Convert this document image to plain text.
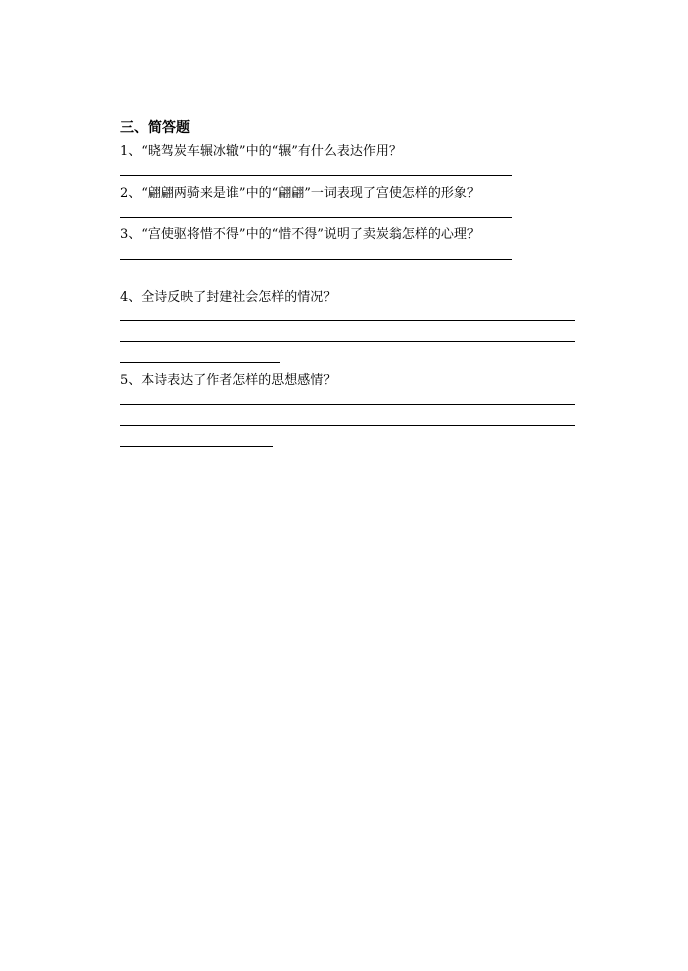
三、简答题
1、“晓驾炭车辗冰辙”中的“辗”有什么表达作用？
2、“翩翩两骑来是谁”中的“翩翩”一词表现了宫使怎样的形象？
3、“宫使驱将惜不得”中的“惜不得”说明了卖炭翁怎样的心理？
4、全诗反映了封建社会怎样的情况？
5、本诗表达了作者怎样的思想感情？
